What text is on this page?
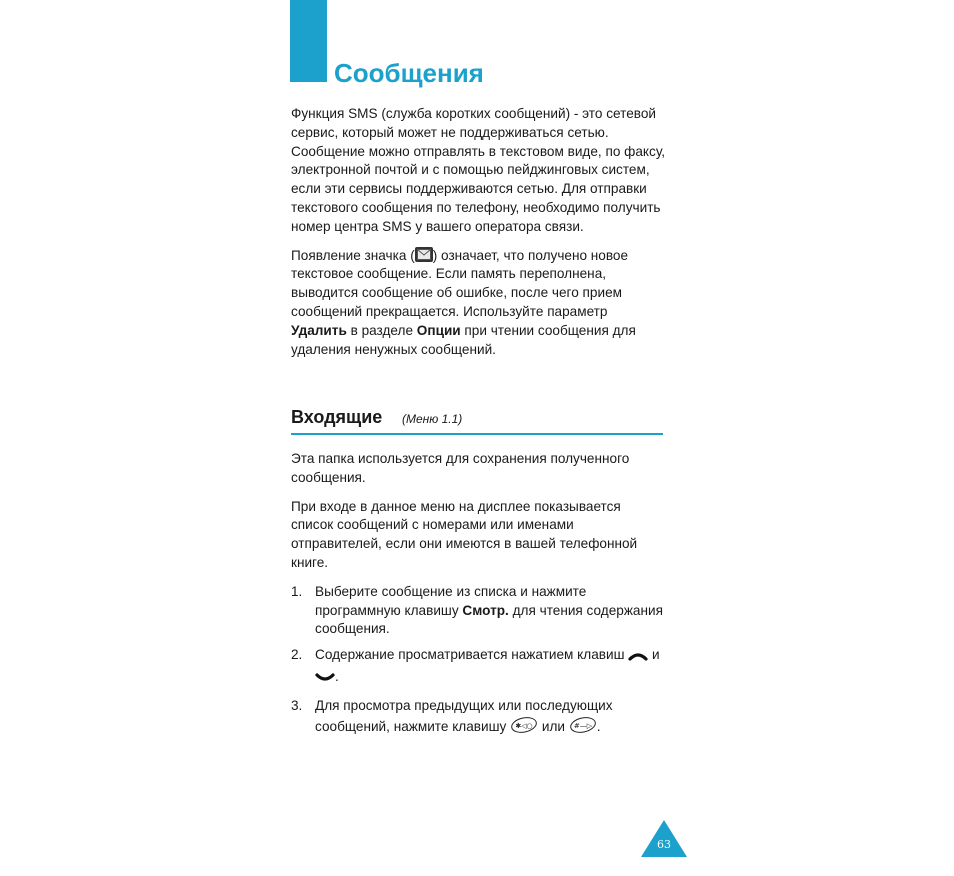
Сообщения

Функция SMS (служба коротких сообщений) - это сетевой сервис, который может не поддерживаться сетью. Сообщение можно отправлять в текстовом виде, по факсу, электронной почтой и с помощью пейджинговых систем, если эти сервисы поддерживаются сетью. Для отправки текстового сообщения по телефону, необходимо получить номер центра SMS у вашего оператора связи.

Появление значка ( ) означает, что получено новое текстовое сообщение. Если память переполнена, выводится сообщение об ошибке, после чего прием сообщений прекращается. Используйте параметр Удалить в разделе Опции при чтении сообщения для удаления ненужных сообщений.

Входящие (Меню 1.1)

Эта папка используется для сохранения полученного сообщения.

При входе в данное меню на дисплее показывается список сообщений с номерами или именами отправителей, если они имеются в вашей телефонной книге.

1. Выберите сообщение из списка и нажмите программную клавишу Смотр. для чтения содержания сообщения.
2. Содержание просматривается нажатием клавиш  и .
3. Для просмотра предыдущих или последующих сообщений, нажмите клавишу ✱◁○ или #—▷ .
63
